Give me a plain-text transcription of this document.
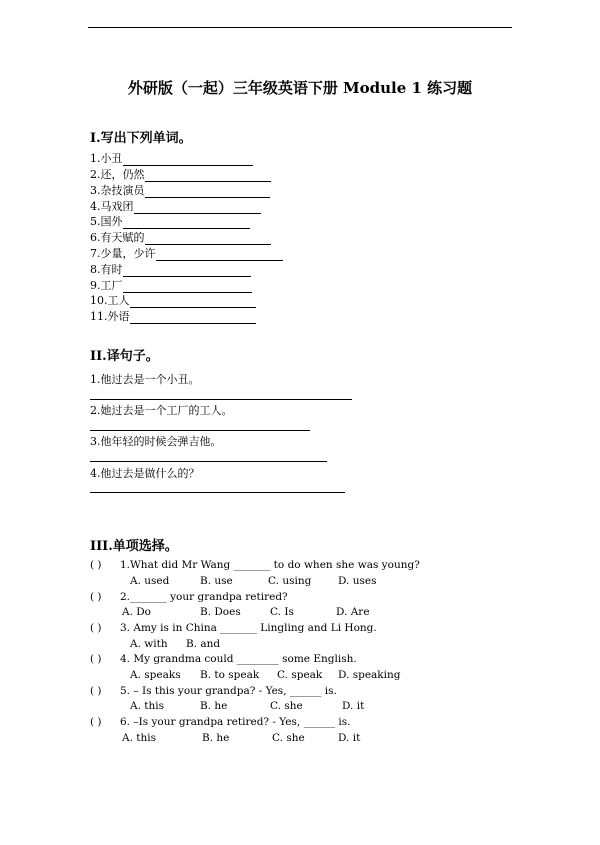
外研版（一起）三年级英语下册 Module 1 练习题
I.写出下列单词。
1.小丑
2.还，仍然
3.杂技演员
4.马戏团
5.国外
6.有天赋的
7.少量，少许
8.有时
9.工厂
10.工人
11.外语
II.译句子。
1.他过去是一个小丑。
2.她过去是一个工厂的工人。
3.他年轻的时候会弹吉他。
4.他过去是做什么的？
III.单项选择。
( ) 1.What did Mr Wang _______ to do when she was young?
A. used	B. use	C. using	D. uses
( ) 2._______ your grandpa retired?
A. Do	B. Does	C. Is	D. Are
( ) 3. Amy is in China _______ Lingling and Li Hong.
A. with B. and
( ) 4. My grandma could ________ some English.
A. speaks B. to speak C. speak D. speaking
( ) 5. – Is this your grandpa? - Yes, ______ is.
A. this	B. he	C. she	D. it
( ) 6. –Is your grandpa retired? - Yes, ______ is.
A. this	B. he	C. she	D. it
